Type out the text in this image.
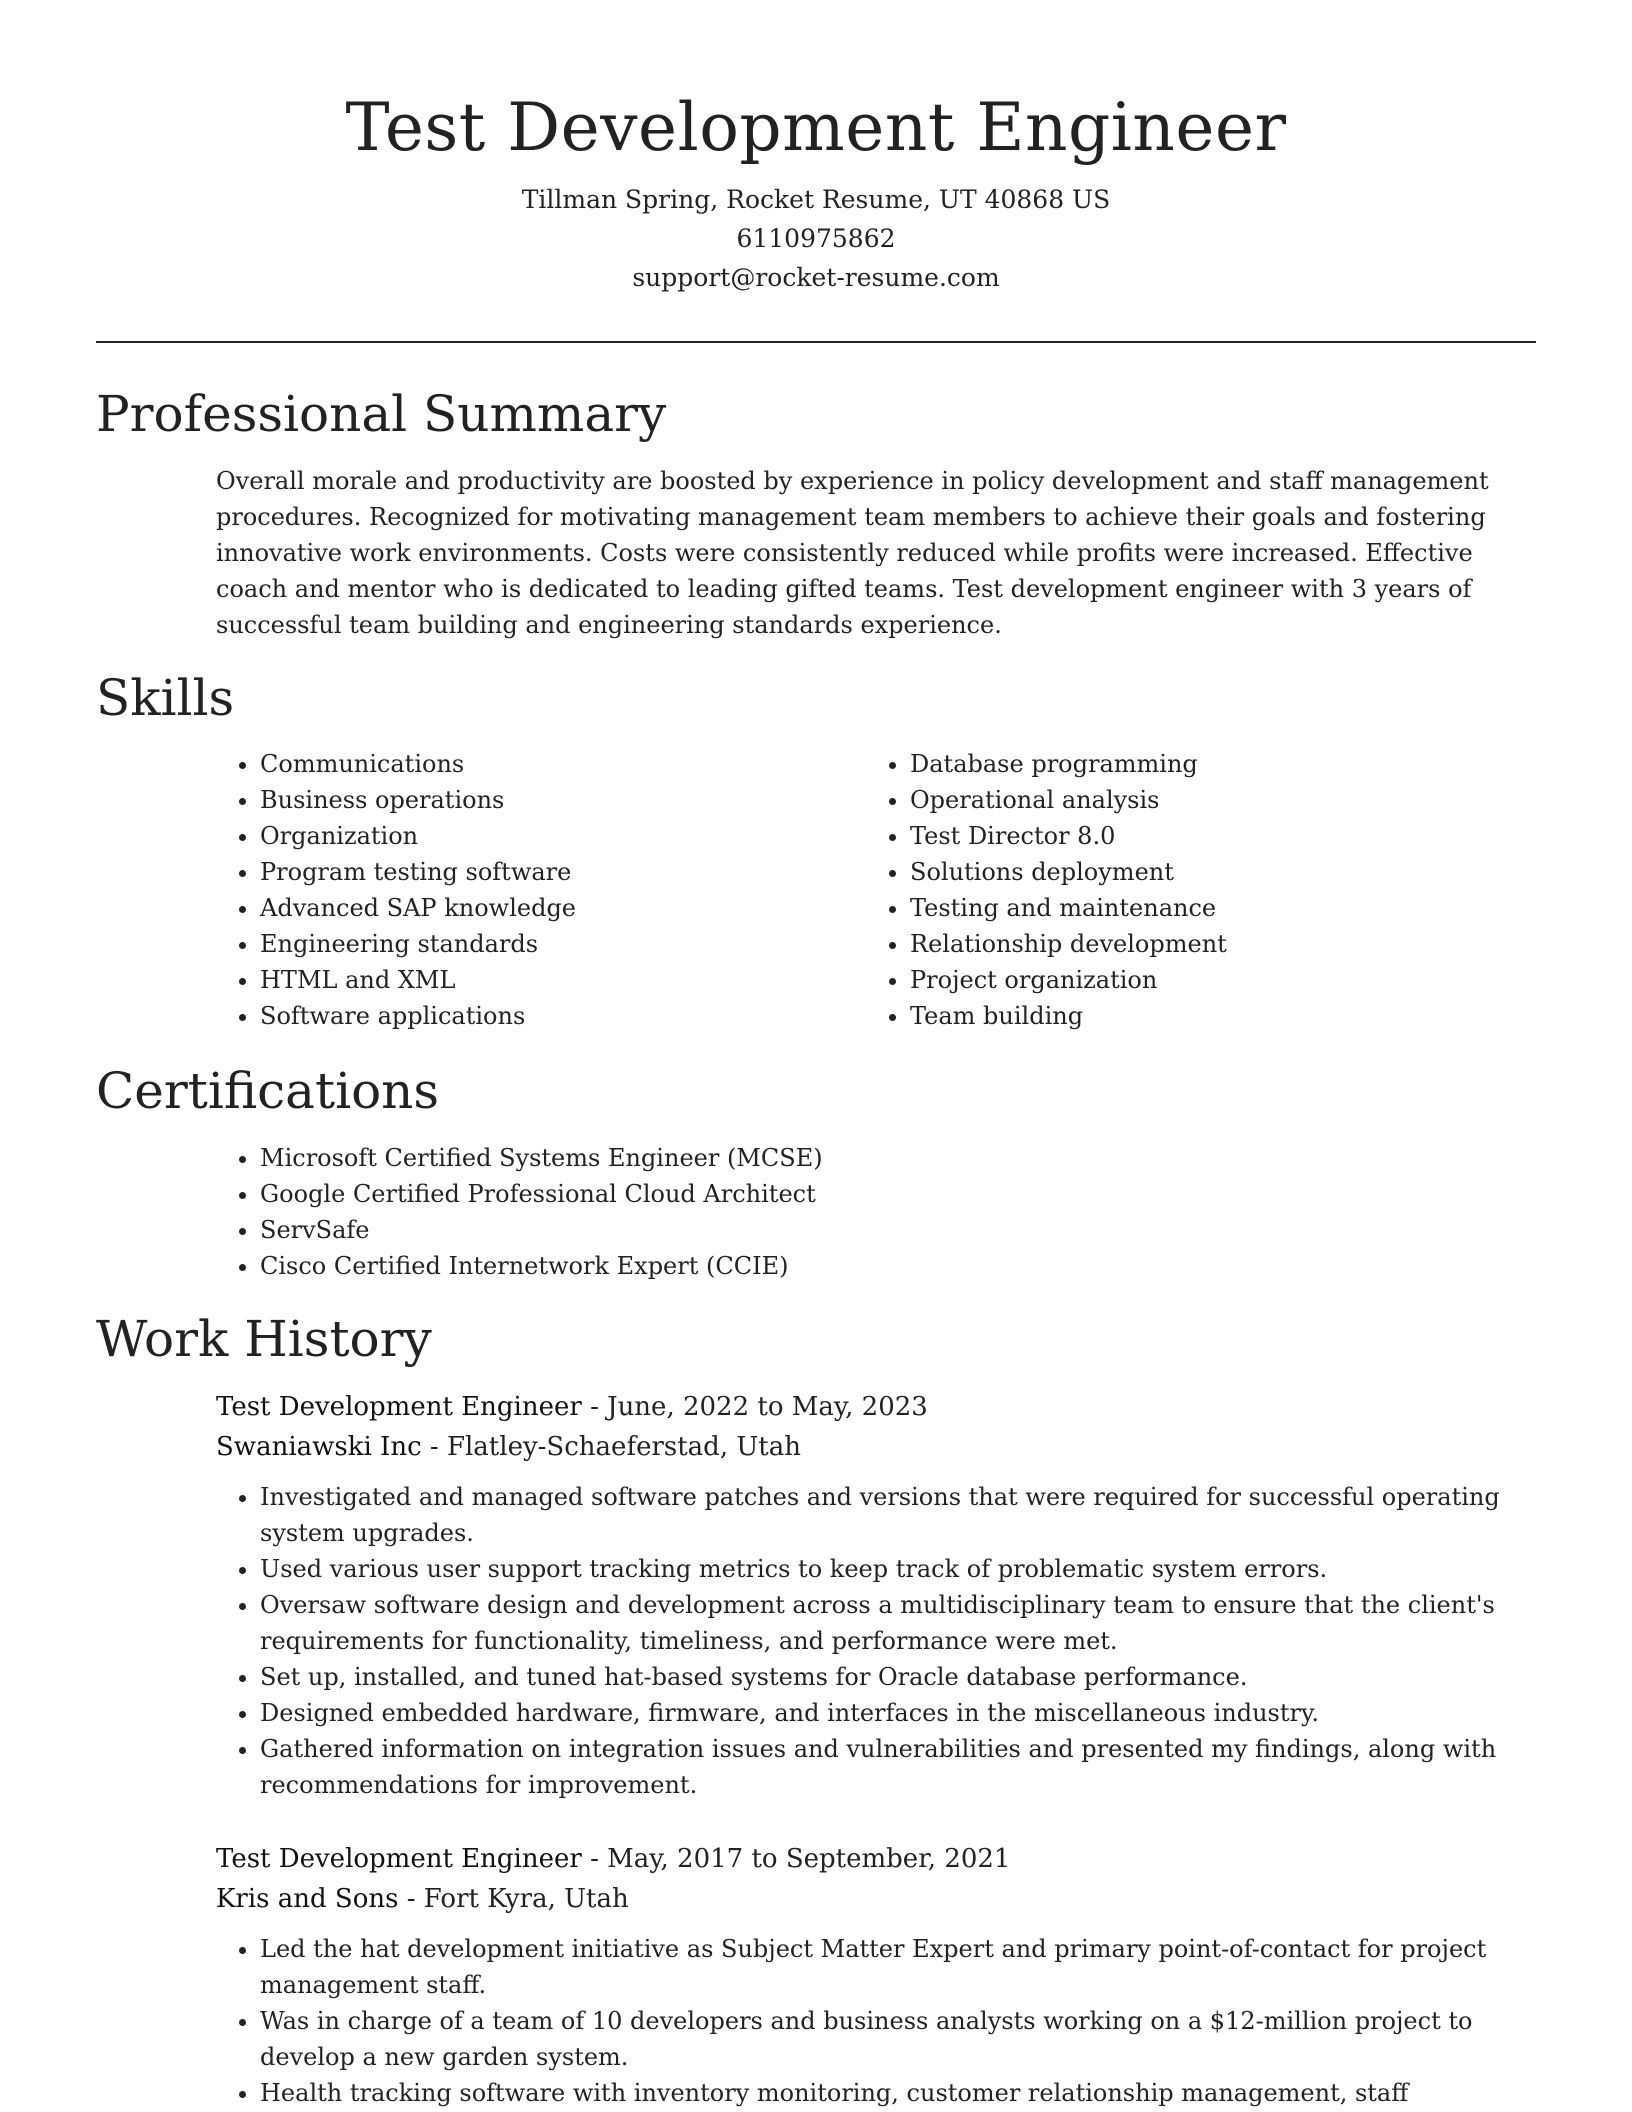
Test Development Engineer
Tillman Spring, Rocket Resume, UT 40868 US
6110975862
support@rocket-resume.com
Professional Summary

Overall morale and productivity are boosted by experience in policy development and staff management procedures. Recognized for motivating management team members to achieve their goals and fostering innovative work environments. Costs were consistently reduced while profits were increased. Effective coach and mentor who is dedicated to leading gifted teams. Test development engineer with 3 years of successful team building and engineering standards experience.

Skills
• Communications
• Business operations
• Organization
• Program testing software
• Advanced SAP knowledge
• Engineering standards
• HTML and XML
• Software applications
• Database programming
• Operational analysis
• Test Director 8.0
• Solutions deployment
• Testing and maintenance
• Relationship development
• Project organization
• Team building
Certifications
• Microsoft Certified Systems Engineer (MCSE)
• Google Certified Professional Cloud Architect
• ServSafe
• Cisco Certified Internetwork Expert (CCIE)
Work History
Test Development Engineer - June, 2022 to May, 2023
Swaniawski Inc - Flatley-Schaeferstad, Utah
• Investigated and managed software patches and versions that were required for successful operating system upgrades.
• Used various user support tracking metrics to keep track of problematic system errors.
• Oversaw software design and development across a multidisciplinary team to ensure that the client's requirements for functionality, timeliness, and performance were met.
• Set up, installed, and tuned hat-based systems for Oracle database performance.
• Designed embedded hardware, firmware, and interfaces in the miscellaneous industry.
• Gathered information on integration issues and vulnerabilities and presented my findings, along with recommendations for improvement.
Test Development Engineer - May, 2017 to September, 2021
Kris and Sons - Fort Kyra, Utah
• Led the hat development initiative as Subject Matter Expert and primary point-of-contact for project management staff.
• Was in charge of a team of 10 developers and business analysts working on a $12-million project to develop a new garden system.
• Health tracking software with inventory monitoring, customer relationship management, staff
